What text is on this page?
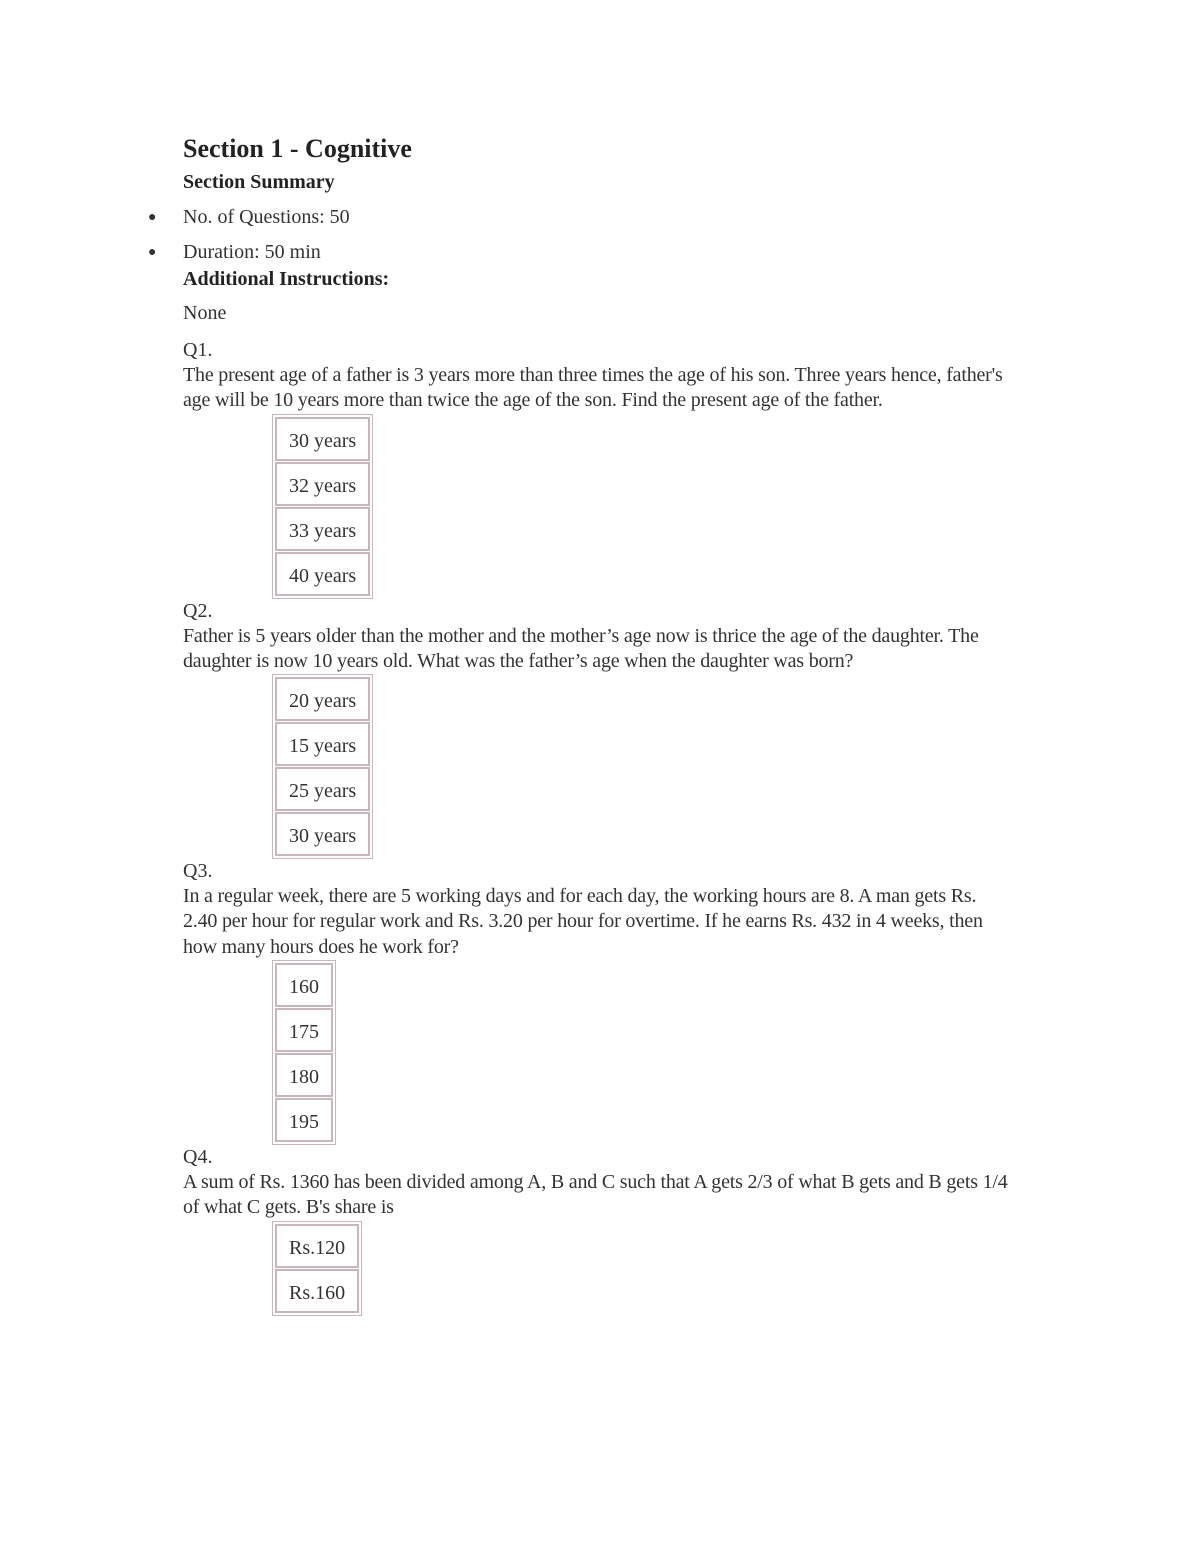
Section 1 - Cognitive
Section Summary
● No. of Questions: 50
● Duration: 50 min
Additional Instructions:
None
Q1.
The present age of a father is 3 years more than three times the age of his son. Three years hence, father's age will be 10 years more than twice the age of the son. Find the present age of the father.
30 years
32 years
33 years
40 years
Q2.
Father is 5 years older than the mother and the mother’s age now is thrice the age of the daughter. The daughter is now 10 years old. What was the father’s age when the daughter was born?
20 years
15 years
25 years
30 years
Q3.
In a regular week, there are 5 working days and for each day, the working hours are 8. A man gets Rs. 2.40 per hour for regular work and Rs. 3.20 per hour for overtime. If he earns Rs. 432 in 4 weeks, then how many hours does he work for?
160
175
180
195
Q4.
A sum of Rs. 1360 has been divided among A, B and C such that A gets 2/3 of what B gets and B gets 1/4 of what C gets. B's share is
$\frac{Rs.120}{Rs.160}$
